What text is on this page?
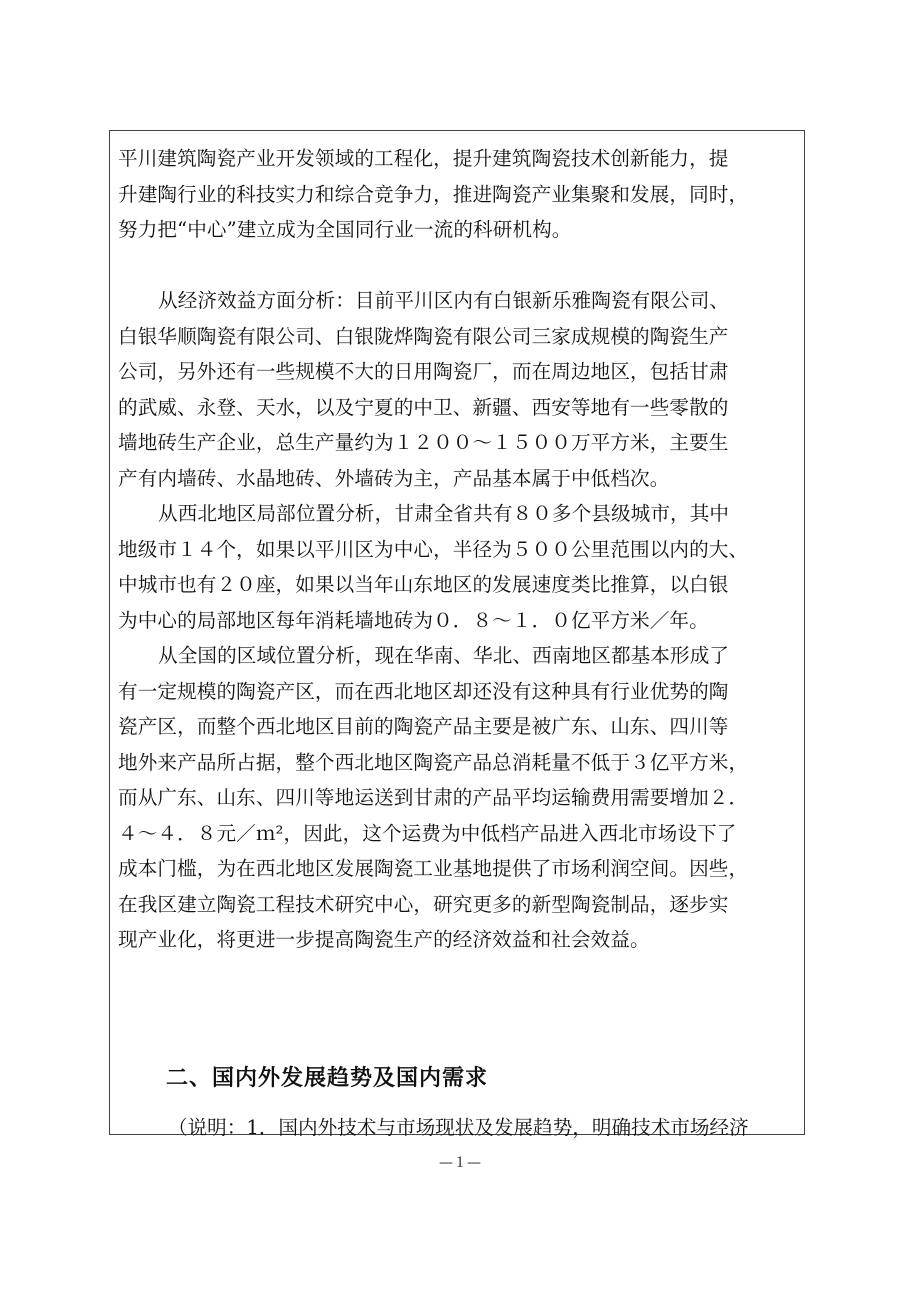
平川建筑陶瓷产业开发领域的工程化，提升建筑陶瓷技术创新能力，提
升建陶行业的科技实力和综合竞争力，推进陶瓷产业集聚和发展，同时，
努力把“中心”建立成为全国同行业一流的科研机构。

从经济效益方面分析：目前平川区内有白银新乐雅陶瓷有限公司、
白银华顺陶瓷有限公司、白银陇烨陶瓷有限公司三家成规模的陶瓷生产
公司，另外还有一些规模不大的日用陶瓷厂，而在周边地区，包括甘肃
的武威、永登、天水，以及宁夏的中卫、新疆、西安等地有一些零散的
墙地砖生产企业，总生产量约为１２００～１５００万平方米，主要生
产有内墙砖、水晶地砖、外墙砖为主，产品基本属于中低档次。

从西北地区局部位置分析，甘肃全省共有８０多个县级城市，其中
地级市１４个，如果以平川区为中心，半径为５００公里范围以内的大、
中城市也有２０座，如果以当年山东地区的发展速度类比推算，以白银
为中心的局部地区每年消耗墙地砖为０．８～１．０亿平方米／年。

从全国的区域位置分析，现在华南、华北、西南地区都基本形成了
有一定规模的陶瓷产区，而在西北地区却还没有这种具有行业优势的陶
瓷产区，而整个西北地区目前的陶瓷产品主要是被广东、山东、四川等
地外来产品所占据，整个西北地区陶瓷产品总消耗量不低于３亿平方米，
而从广东、山东、四川等地运送到甘肃的产品平均运输费用需要增加２．
４～４．８元／ｍ²，因此，这个运费为中低档产品进入西北市场设下了
成本门槛，为在西北地区发展陶瓷工业基地提供了市场利润空间。因些，
在我区建立陶瓷工程技术研究中心，研究更多的新型陶瓷制品，逐步实
现产业化，将更进一步提高陶瓷生产的经济效益和社会效益。

二、国内外发展趋势及国内需求
（说明：1．国内外技术与市场现状及发展趋势，明确技术市场经济
—１—
